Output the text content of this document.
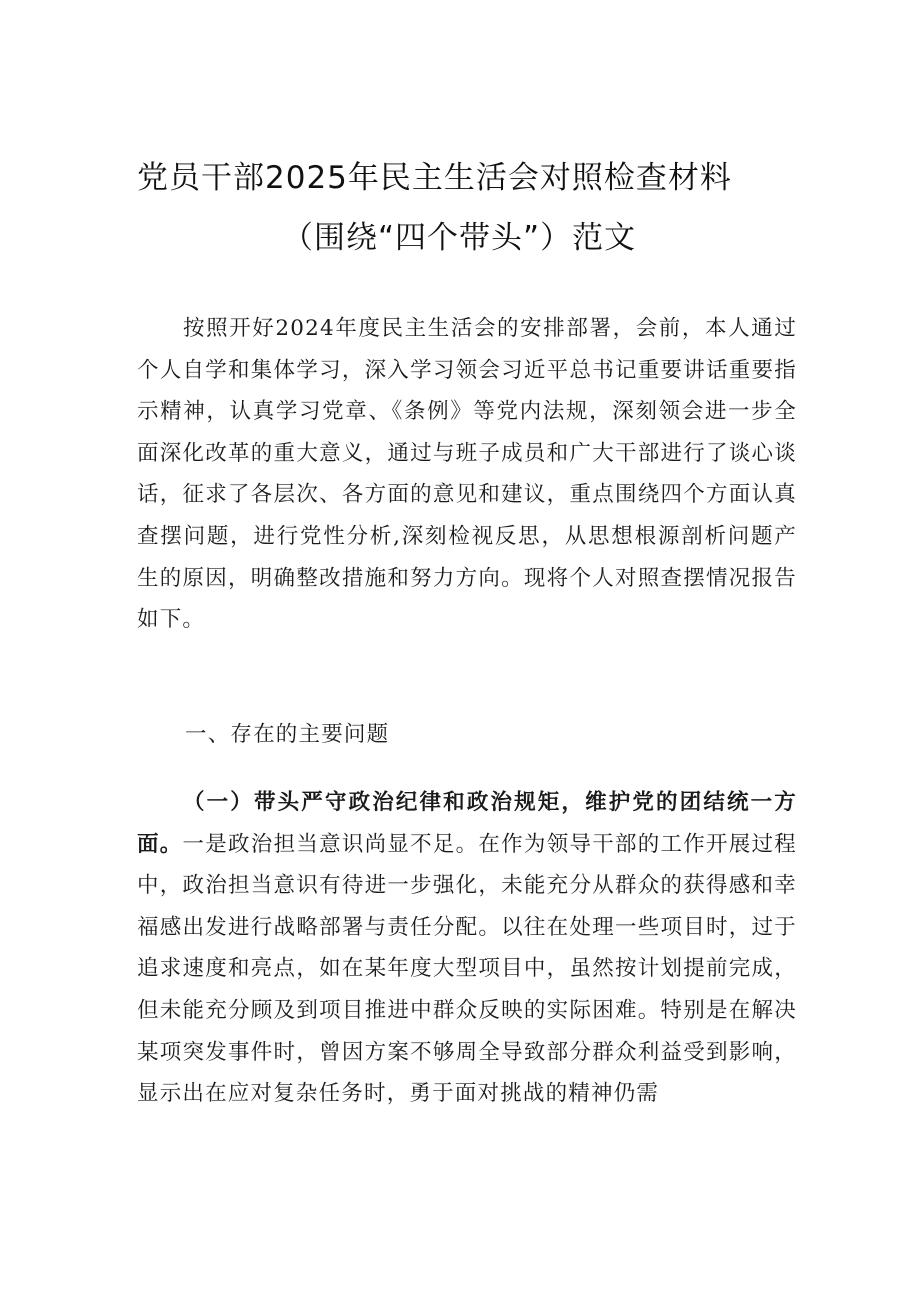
党员干部2025年民主生活会对照检查材料
（围绕“四个带头”）范文

按照开好2024年度民主生活会的安排部署，会前，本人通过个人自学和集体学习，深入学习领会习近平总书记重要讲话重要指示精神，认真学习党章、《条例》等党内法规，深刻领会进一步全面深化改革的重大意义，通过与班子成员和广大干部进行了谈心谈话，征求了各层次、各方面的意见和建议，重点围绕四个方面认真查摆问题，进行党性分析,深刻检视反思，从思想根源剖析问题产生的原因，明确整改措施和努力方向。现将个人对照查摆情况报告如下。

一、存在的主要问题

（一）带头严守政治纪律和政治规矩，维护党的团结统一方面。一是政治担当意识尚显不足。在作为领导干部的工作开展过程中，政治担当意识有待进一步强化，未能充分从群众的获得感和幸福感出发进行战略部署与责任分配。以往在处理一些项目时，过于追求速度和亮点，如在某年度大型项目中，虽然按计划提前完成，但未能充分顾及到项目推进中群众反映的实际困难。特别是在解决某项突发事件时，曾因方案不够周全导致部分群众利益受到影响，显示出在应对复杂任务时，勇于面对挑战的精神仍需
